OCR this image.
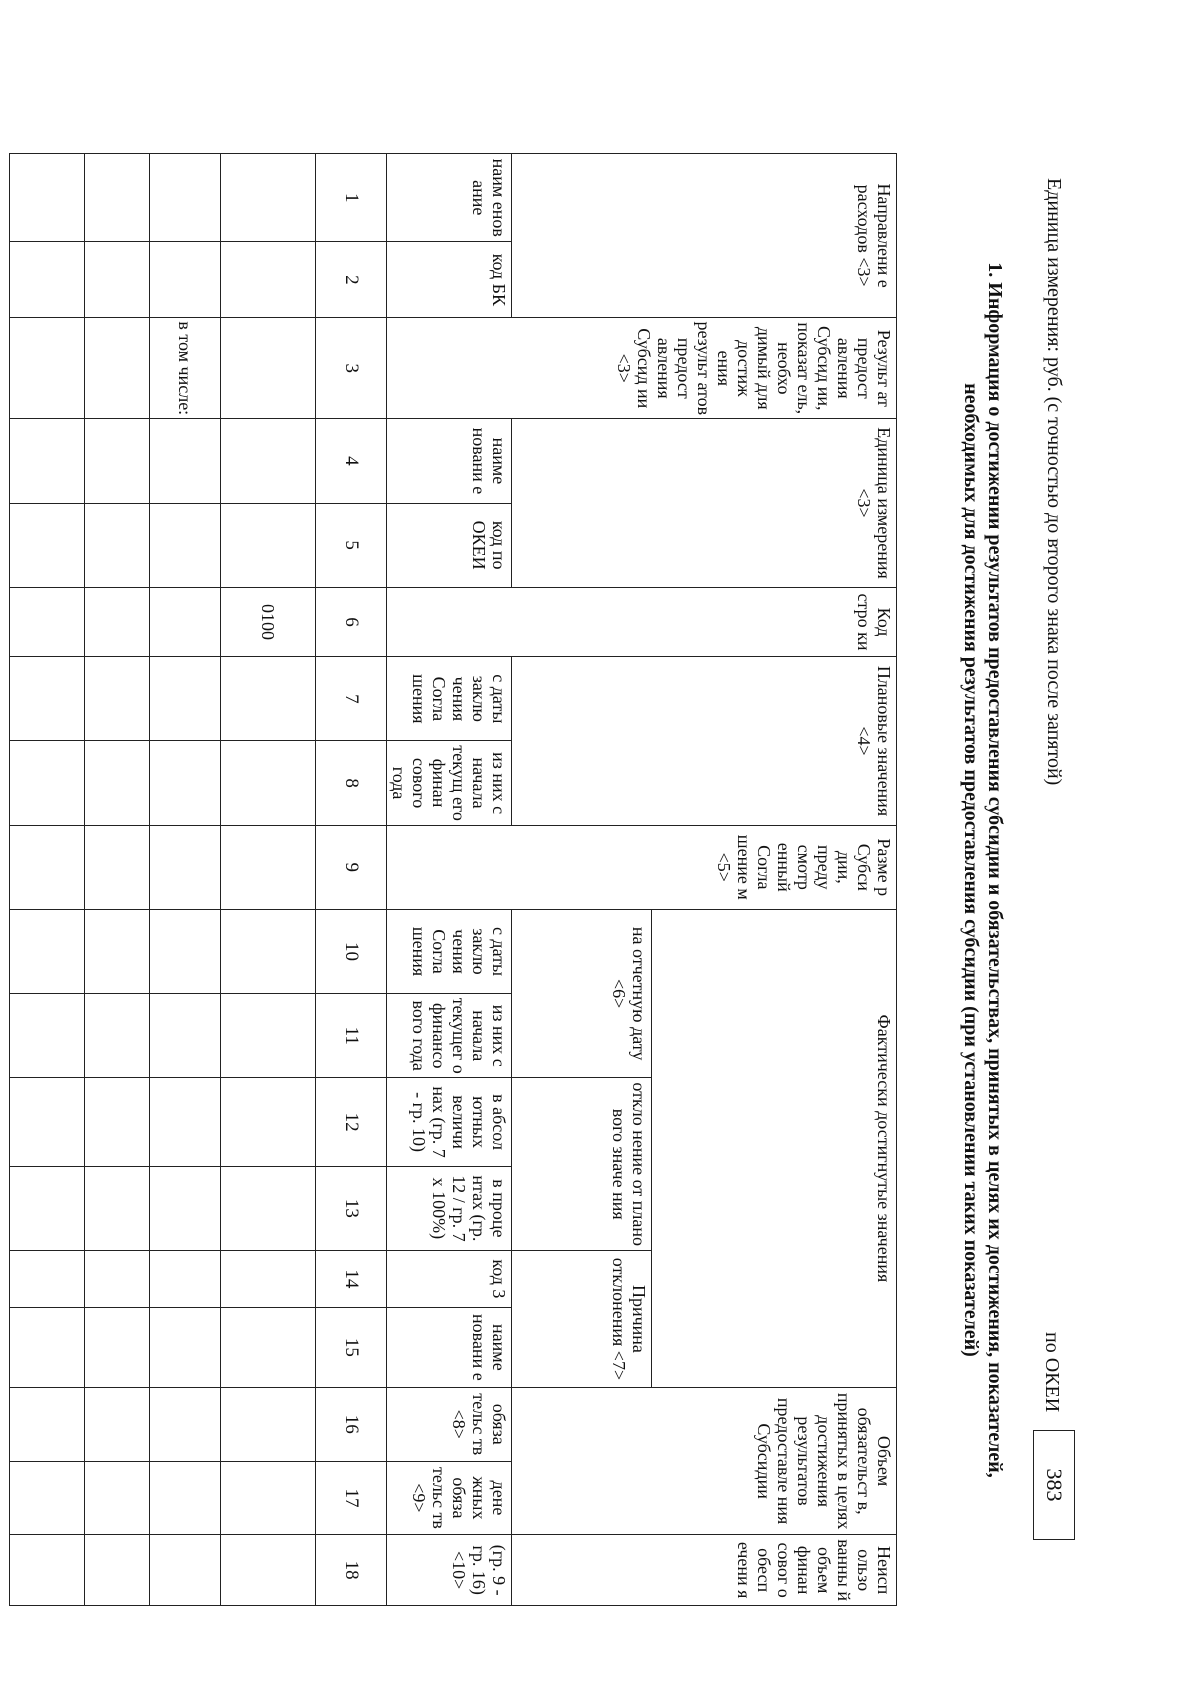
Единица измерения: руб. (с точностью до второго знака после запятой)
по ОКЕИ
383
1. Информация о достижении результатов предоставления субсидии и обязательствах, принятых в целях их достижения, показателей,
необходимых для достижения результатов предоставления субсидии (при установлении таких показателей)
Направлени е расходов <3>		Результ ат предост авления Субсид ии, показат ель, необхо димый для достиж ения результ атов предост авления Субсид ии <3>	Единица измерения <3>		Код стро ки	Плановые значения <4>		Разме р Субси дии, преду смотр енный Согла шение м <5>	Фактически достигнутые значения						Объем обязательст в, принятых в целях достижения результатов предоставле ния Субсидии		Неисп ользо ванны й объем финан совог о обесп ечени я
									на отчетную дату <6>		откло нение от плано вого значе ния		Причина отклонения <7>				
наим енов ание	код БК		наиме новани е	код по ОКЕИ		с даты заклю чения Согла шения	из них с начала текущ его финан сового года		с даты заклю чения Согла шения	из них с начала текущег о финансо вого года	в абсол ютных величи нах (гр. 7 - гр. 10)	в проце нтах (гр. 12 / гр. 7 х 100%)	код 3	наиме новани е	обяза тельс тв <8>	дене жных обяза тельс тв <9>	(гр. 9 - гр. 16) <10>
1	2	3	4	5	6	7	8	9	10	11	12	13	14	15	16	17	18
					0100												
		в том числе:															
